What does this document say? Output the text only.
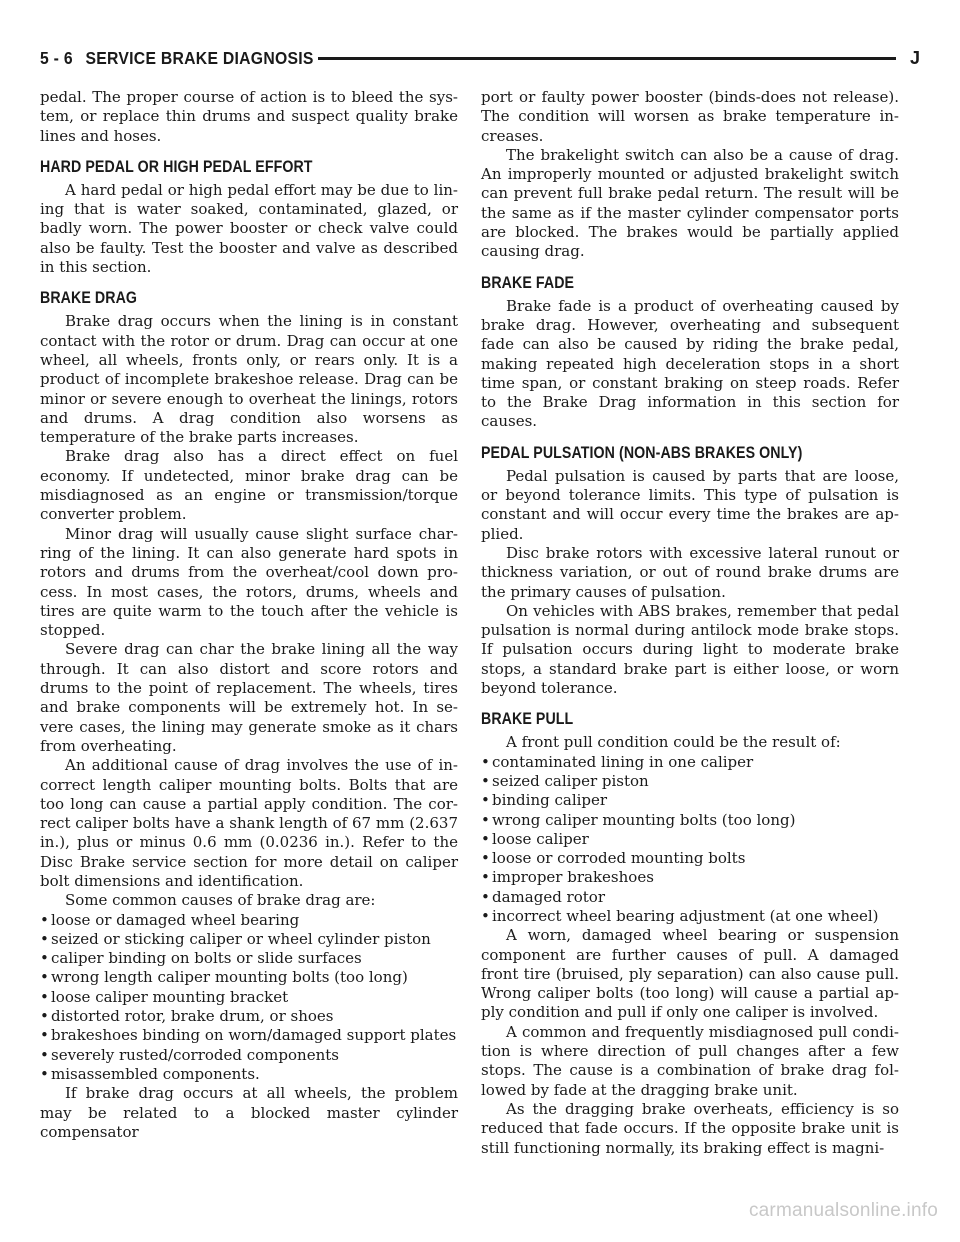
5 - 6 SERVICE BRAKE DIAGNOSIS	J

pedal. The proper course of action is to bleed the system, or replace thin drums and suspect quality brake lines and hoses.

HARD PEDAL OR HIGH PEDAL EFFORT

A hard pedal or high pedal effort may be due to lining that is water soaked, contaminated, glazed, or badly worn. The power booster or check valve could also be faulty. Test the booster and valve as described in this section.

BRAKE DRAG

Brake drag occurs when the lining is in constant contact with the rotor or drum. Drag can occur at one wheel, all wheels, fronts only, or rears only. It is a product of incomplete brakeshoe release. Drag can be minor or severe enough to overheat the linings, rotors and drums. A drag condition also worsens as temperature of the brake parts increases.

Brake drag also has a direct effect on fuel economy. If undetected, minor brake drag can be misdiagnosed as an engine or transmission/torque converter problem.

Minor drag will usually cause slight surface charring of the lining. It can also generate hard spots in rotors and drums from the overheat/cool down process. In most cases, the rotors, drums, wheels and tires are quite warm to the touch after the vehicle is stopped.

Severe drag can char the brake lining all the way through. It can also distort and score rotors and drums to the point of replacement. The wheels, tires and brake components will be extremely hot. In severe cases, the lining may generate smoke as it chars from overheating.

An additional cause of drag involves the use of incorrect length caliper mounting bolts. Bolts that are too long can cause a partial apply condition. The correct caliper bolts have a shank length of 67 mm (2.637 in.), plus or minus 0.6 mm (0.0236 in.). Refer to the Disc Brake service section for more detail on caliper bolt dimensions and identification.

Some common causes of brake drag are:

• loose or damaged wheel bearing
• seized or sticking caliper or wheel cylinder piston
• caliper binding on bolts or slide surfaces
• wrong length caliper mounting bolts (too long)
• loose caliper mounting bracket
• distorted rotor, brake drum, or shoes
• brakeshoes binding on worn/damaged support plates
• severely rusted/corroded components
• misassembled components.

If brake drag occurs at all wheels, the problem may be related to a blocked master cylinder compensator

port or faulty power booster (binds-does not release). The condition will worsen as brake temperature increases.

The brakelight switch can also be a cause of drag. An improperly mounted or adjusted brakelight switch can prevent full brake pedal return. The result will be the same as if the master cylinder compensator ports are blocked. The brakes would be partially applied causing drag.

BRAKE FADE

Brake fade is a product of overheating caused by brake drag. However, overheating and subsequent fade can also be caused by riding the brake pedal, making repeated high deceleration stops in a short time span, or constant braking on steep roads. Refer to the Brake Drag information in this section for causes.

PEDAL PULSATION (NON-ABS BRAKES ONLY)

Pedal pulsation is caused by parts that are loose, or beyond tolerance limits. This type of pulsation is constant and will occur every time the brakes are applied.

Disc brake rotors with excessive lateral runout or thickness variation, or out of round brake drums are the primary causes of pulsation.

On vehicles with ABS brakes, remember that pedal pulsation is normal during antilock mode brake stops. If pulsation occurs during light to moderate brake stops, a standard brake part is either loose, or worn beyond tolerance.

BRAKE PULL

A front pull condition could be the result of:

• contaminated lining in one caliper
• seized caliper piston
• binding caliper
• wrong caliper mounting bolts (too long)
• loose caliper
• loose or corroded mounting bolts
• improper brakeshoes
• damaged rotor
• incorrect wheel bearing adjustment (at one wheel)

A worn, damaged wheel bearing or suspension component are further causes of pull. A damaged front tire (bruised, ply separation) can also cause pull. Wrong caliper bolts (too long) will cause a partial apply condition and pull if only one caliper is involved.

A common and frequently misdiagnosed pull condition is where direction of pull changes after a few stops. The cause is a combination of brake drag followed by fade at the dragging brake unit.

As the dragging brake overheats, efficiency is so reduced that fade occurs. If the opposite brake unit is still functioning normally, its braking effect is magni-

carmanualsonline.info
